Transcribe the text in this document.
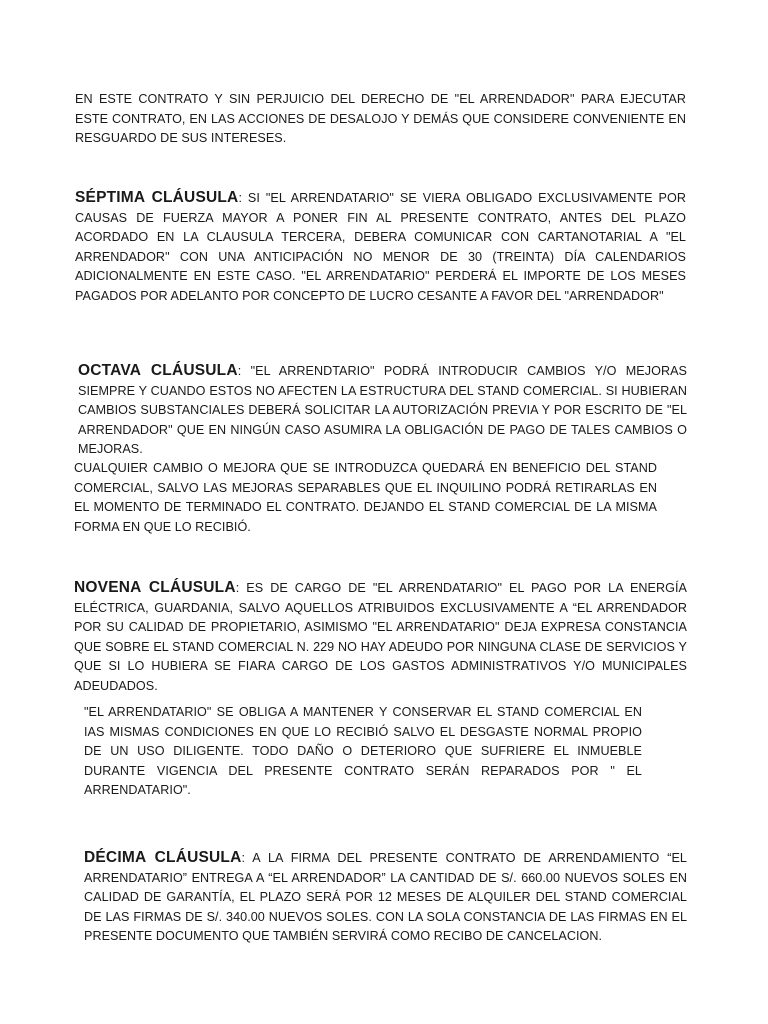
EN ESTE CONTRATO Y SIN PERJUICIO DEL DERECHO DE "EL ARRENDADOR" PARA EJECUTAR ESTE CONTRATO, EN LAS ACCIONES DE DESALOJO Y DEMÁS QUE CONSIDERE CONVENIENTE EN RESGUARDO DE SUS INTERESES.

SÉPTIMA CLÁUSULA: SI "EL ARRENDATARIO" SE VIERA OBLIGADO EXCLUSIVAMENTE POR CAUSAS DE FUERZA MAYOR A PONER FIN AL PRESENTE CONTRATO, ANTES DEL PLAZO ACORDADO EN LA CLAUSULA TERCERA, DEBERA COMUNICAR CON CARTANOTARIAL A "EL ARRENDADOR" CON UNA ANTICIPACIÓN NO MENOR DE 30 (TREINTA) DÍA CALENDARIOS ADICIONALMENTE EN ESTE CASO. "EL ARRENDATARIO" PERDERÁ EL IMPORTE DE LOS MESES PAGADOS POR ADELANTO POR CONCEPTO DE LUCRO CESANTE A FAVOR DEL "ARRENDADOR"

OCTAVA CLÁUSULA: "EL ARRENDTARIO" PODRÁ INTRODUCIR CAMBIOS Y/O MEJORAS SIEMPRE Y CUANDO ESTOS NO AFECTEN LA ESTRUCTURA DEL STAND COMERCIAL. SI HUBIERAN CAMBIOS SUBSTANCIALES DEBERÁ SOLICITAR LA AUTORIZACIÓN PREVIA Y POR ESCRITO DE "EL ARRENDADOR" QUE EN NINGÚN CASO ASUMIRA LA OBLIGACIÓN DE PAGO DE TALES CAMBIOS O MEJORAS.

CUALQUIER CAMBIO O MEJORA QUE SE INTRODUZCA QUEDARÁ EN BENEFICIO DEL STAND COMERCIAL, SALVO LAS MEJORAS SEPARABLES QUE EL INQUILINO PODRÁ RETIRARLAS EN EL MOMENTO DE TERMINADO EL CONTRATO. DEJANDO EL STAND COMERCIAL DE LA MISMA FORMA EN QUE LO RECIBIÓ.

NOVENA CLÁUSULA: ES DE CARGO DE "EL ARRENDATARIO" EL PAGO POR LA ENERGÍA ELÉCTRICA, GUARDANIA, SALVO AQUELLOS ATRIBUIDOS EXCLUSIVAMENTE A “EL ARRENDADOR POR SU CALIDAD DE PROPIETARIO, ASIMISMO "EL ARRENDATARIO" DEJA EXPRESA CONSTANCIA QUE SOBRE EL STAND COMERCIAL N. 229 NO HAY ADEUDO POR NINGUNA CLASE DE SERVICIOS Y QUE SI LO HUBIERA SE FIARA CARGO DE LOS GASTOS ADMINISTRATIVOS Y/O MUNICIPALES ADEUDADOS.

"EL ARRENDATARIO" SE OBLIGA A MANTENER Y CONSERVAR EL STAND COMERCIAL EN IAS MISMAS CONDICIONES EN QUE LO RECIBIÓ SALVO EL DESGASTE NORMAL PROPIO DE UN USO DILIGENTE. TODO DAÑO O DETERIORO QUE SUFRIERE EL INMUEBLE DURANTE VIGENCIA DEL PRESENTE CONTRATO SERÁN REPARADOS POR " EL ARRENDATARIO".

DÉCIMA CLÁUSULA: A LA FIRMA DEL PRESENTE CONTRATO DE ARRENDAMIENTO “EL ARRENDATARIO” ENTREGA A “EL ARRENDADOR” LA CANTIDAD DE S/. 660.00 NUEVOS SOLES EN CALIDAD DE GARANTÍA, EL PLAZO SERÁ POR 12 MESES DE ALQUILER DEL STAND COMERCIAL DE LAS FIRMAS DE S/. 340.00 NUEVOS SOLES. CON LA SOLA CONSTANCIA DE LAS FIRMAS EN EL PRESENTE DOCUMENTO QUE TAMBIÉN SERVIRÁ COMO RECIBO DE CANCELACION.
